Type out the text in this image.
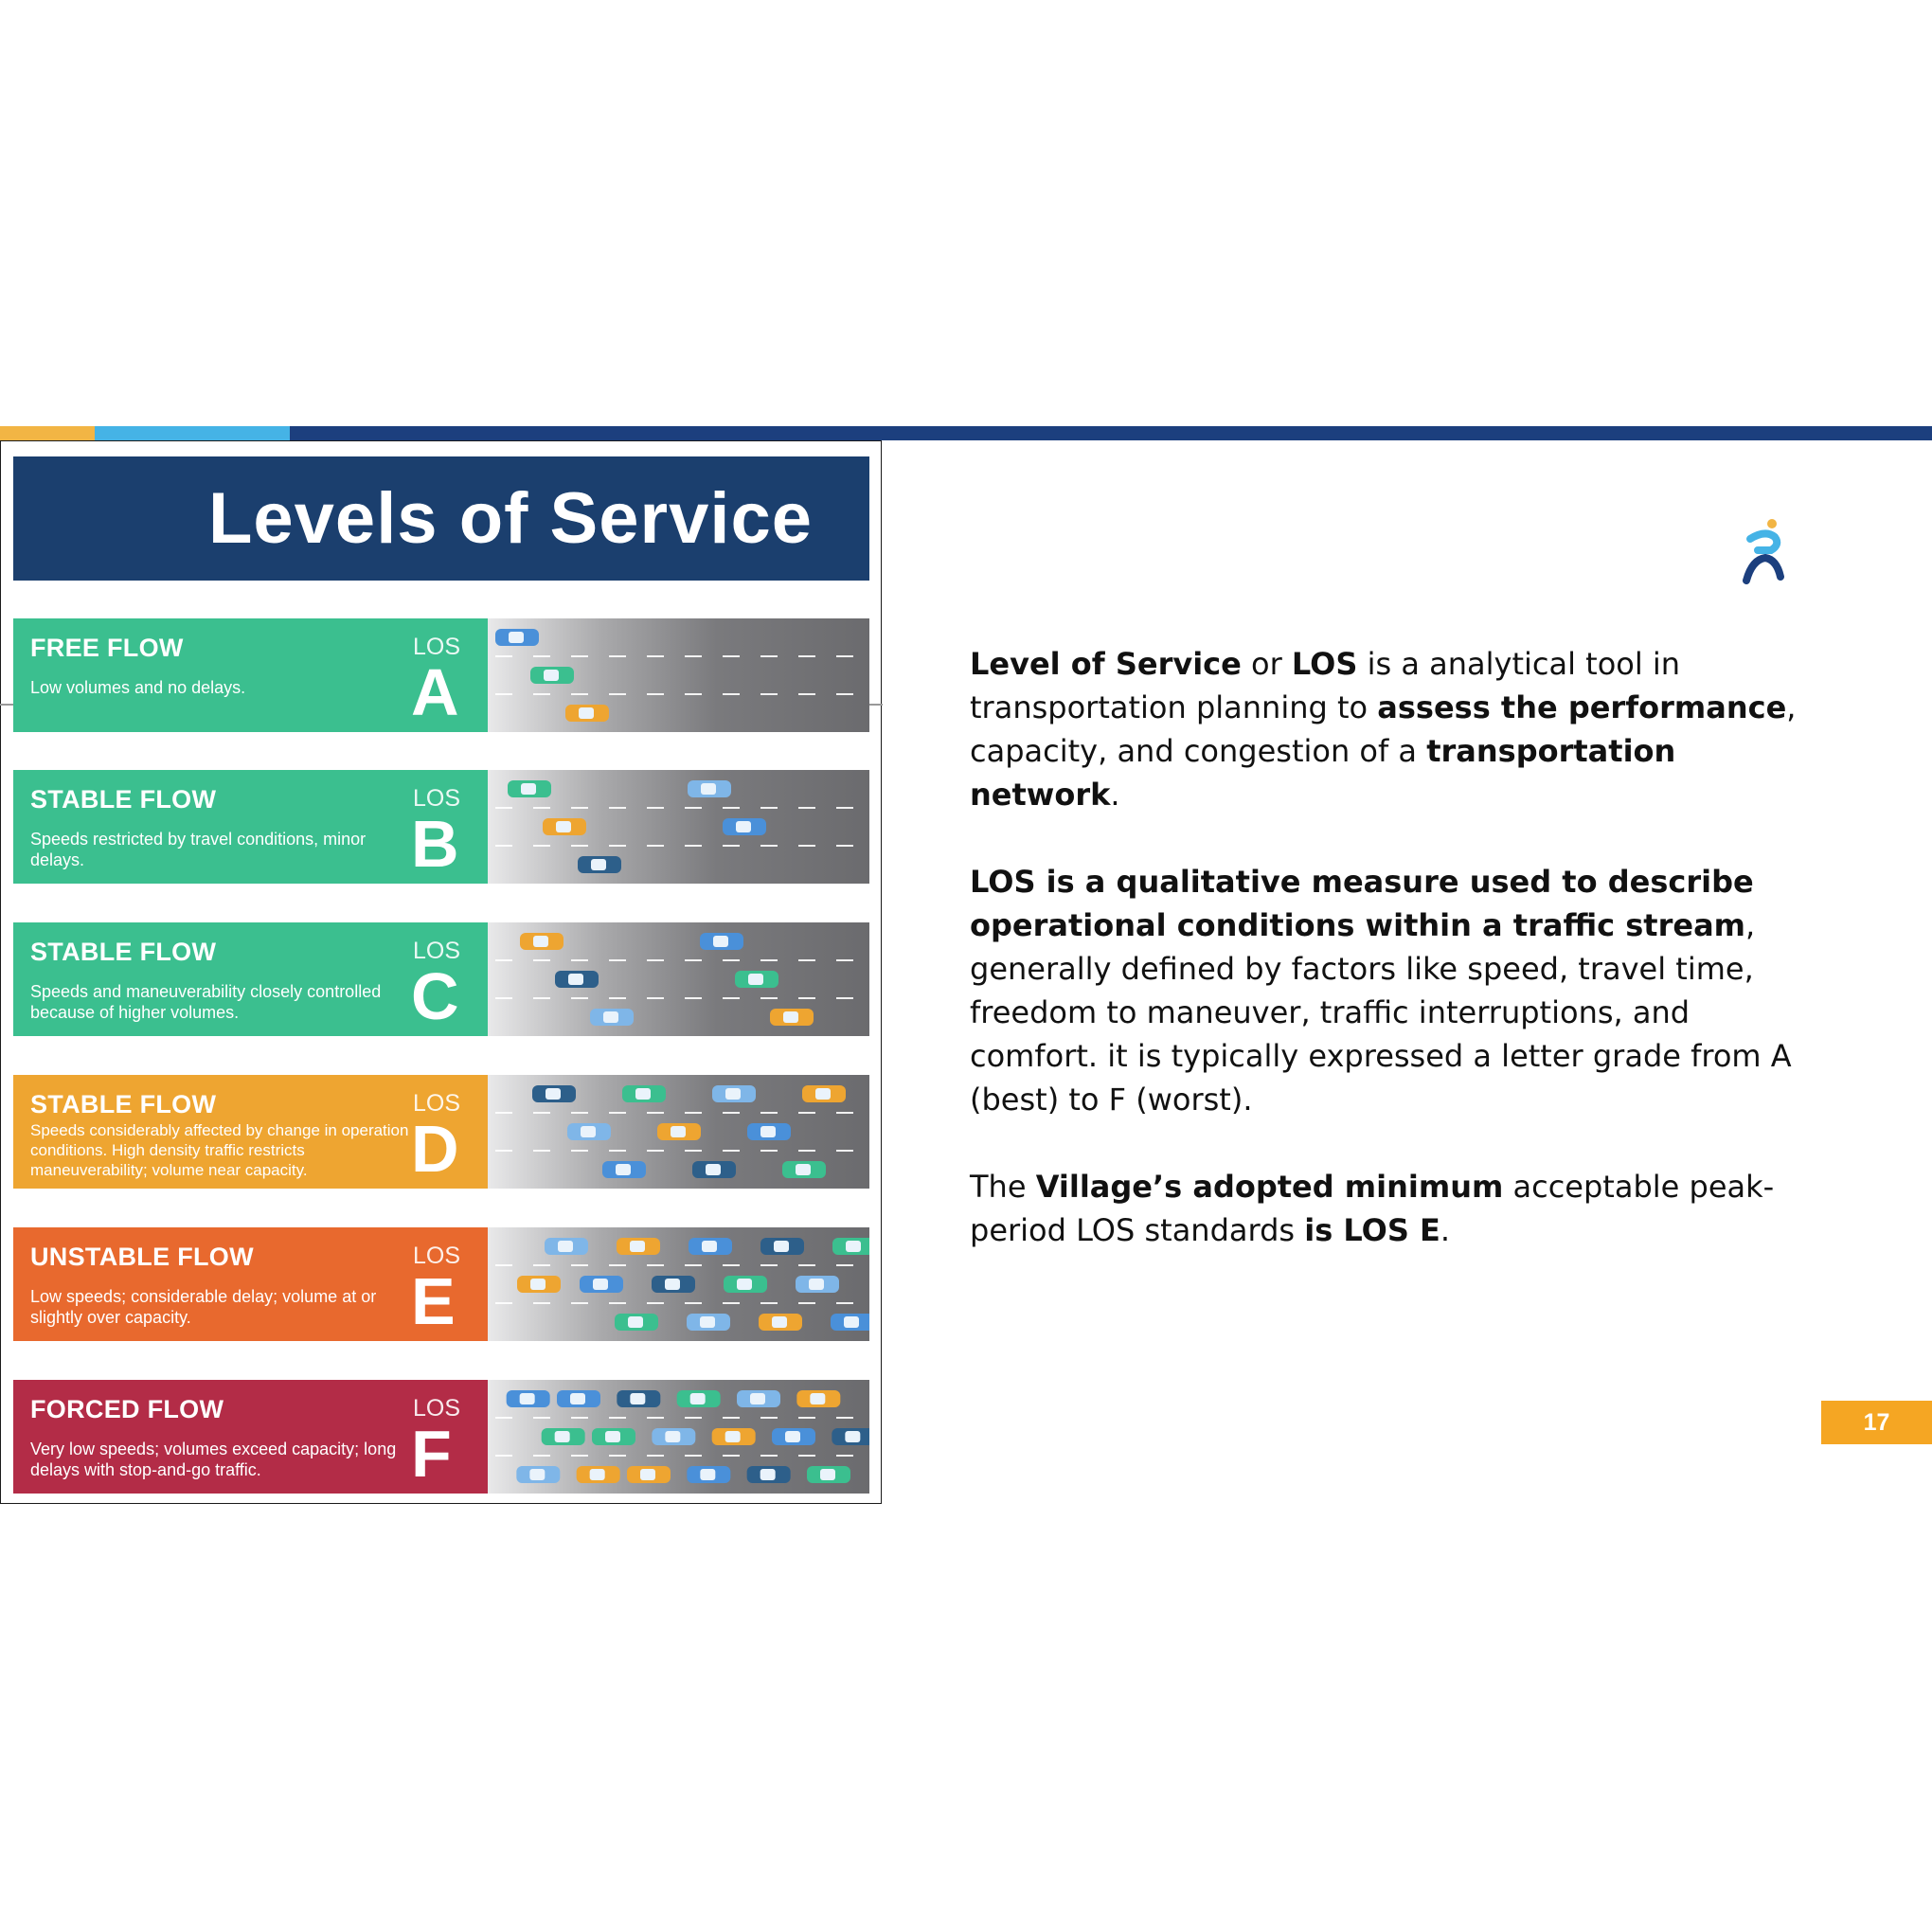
Levels of Service
FREE FLOW
Low volumes and no delays.
LOS
A
STABLE FLOW
Speeds restricted by travel conditions, minor delays.
LOS
B
STABLE FLOW
Speeds and maneuverability closely controlled because of higher volumes.
LOS
C
STABLE FLOW
Speeds considerably affected by change in operation conditions. High density traffic restricts maneuverability; volume near capacity.
LOS
D
UNSTABLE FLOW
Low speeds; considerable delay; volume at or slightly over capacity.
LOS
E
FORCED FLOW
Very low speeds; volumes exceed capacity; long delays with stop-and-go traffic.
LOS
F

Level of Service or LOS is a analytical tool in transportation planning to assess the performance, capacity, and congestion of a transportation network.

LOS is a qualitative measure used to describe operational conditions within a traffic stream, generally defined by factors like speed, travel time, freedom to maneuver, traffic interruptions, and comfort. it is typically expressed a letter grade from A (best) to F (worst).

The Village’s adopted minimum acceptable peak-period LOS standards is LOS E.

17
